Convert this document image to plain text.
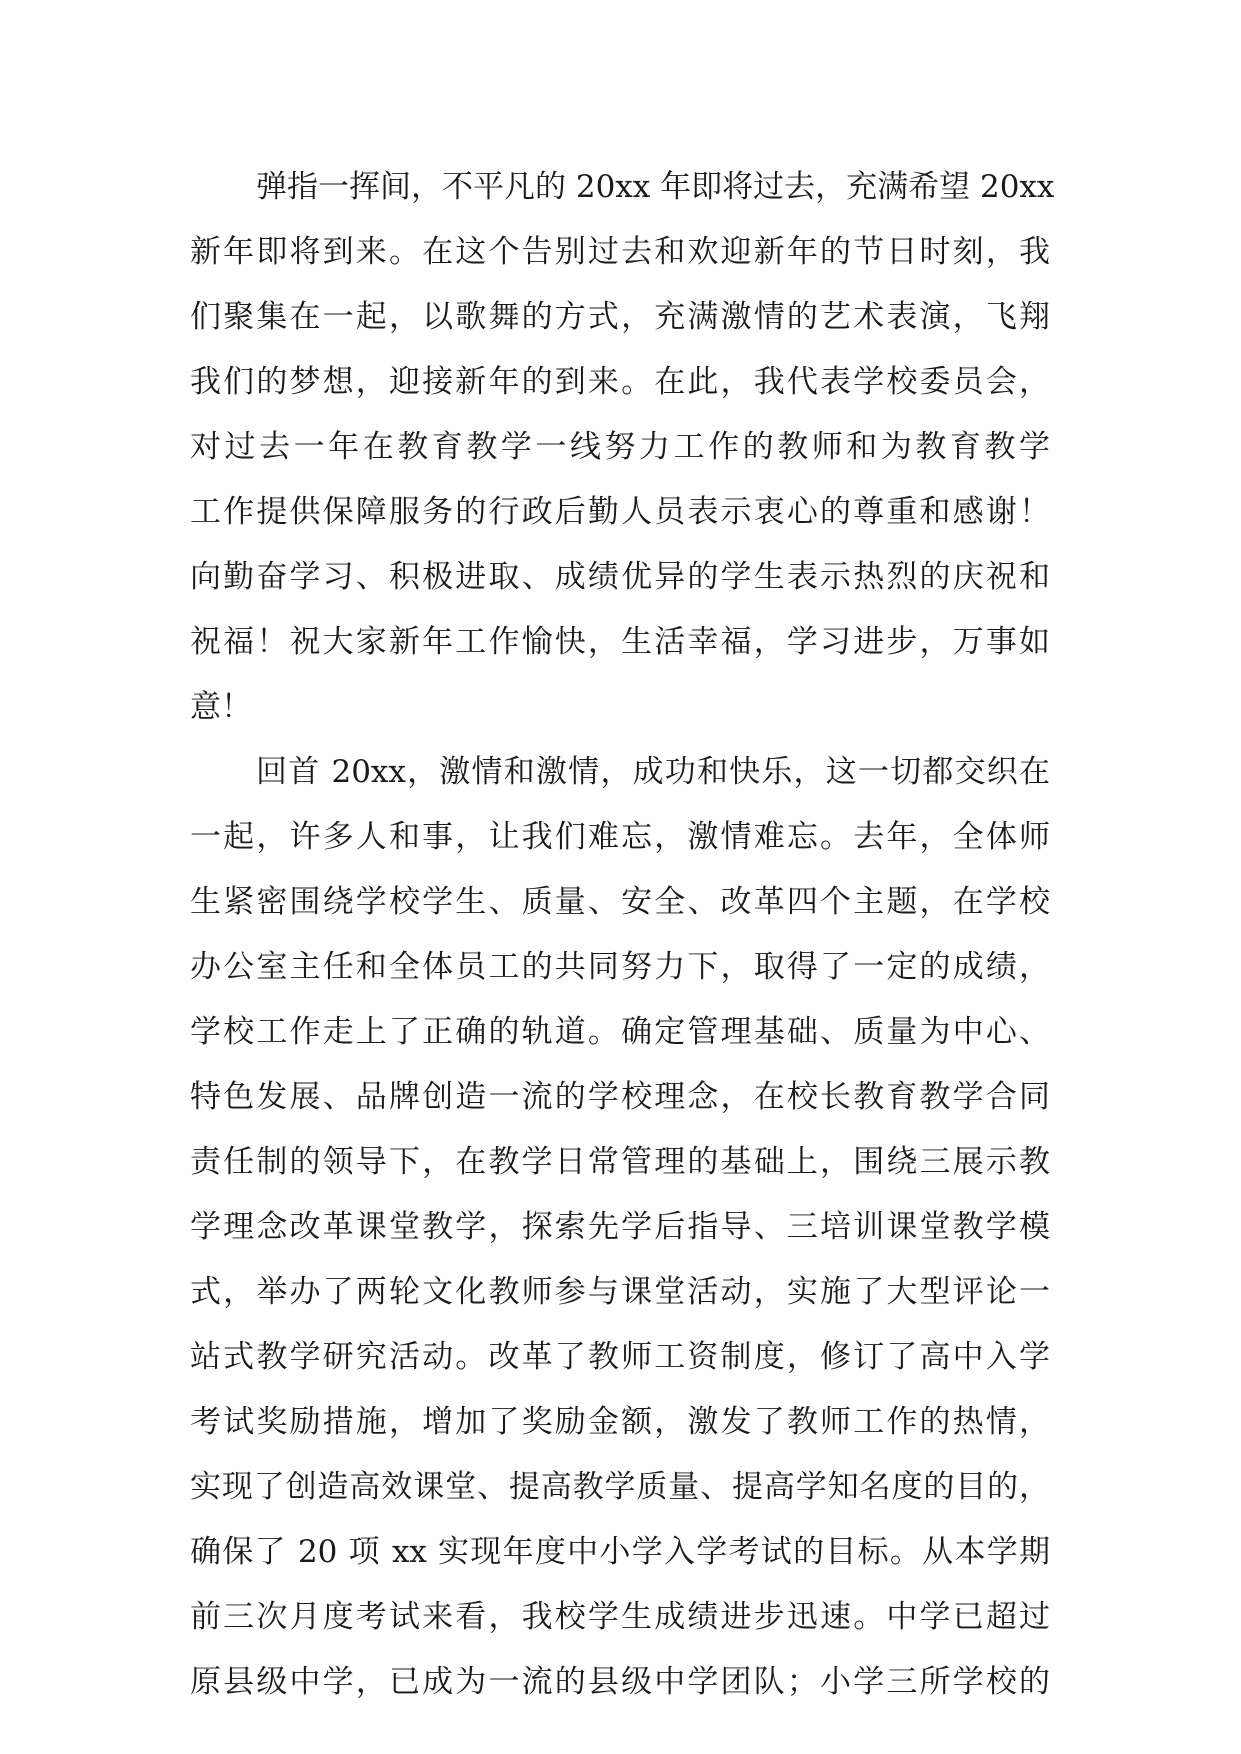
弹指一挥间，不平凡的 20xx 年即将过去，充满希望 20xx
新年即将到来。在这个告别过去和欢迎新年的节日时刻，我
们聚集在一起，以歌舞的方式，充满激情的艺术表演，飞翔
我们的梦想，迎接新年的到来。在此，我代表学校委员会，
对过去一年在教育教学一线努力工作的教师和为教育教学
工作提供保障服务的行政后勤人员表示衷心的尊重和感谢！
向勤奋学习、积极进取、成绩优异的学生表示热烈的庆祝和
祝福！祝大家新年工作愉快，生活幸福，学习进步，万事如
意！
回首 20xx，激情和激情，成功和快乐，这一切都交织在
一起，许多人和事，让我们难忘，激情难忘。去年，全体师
生紧密围绕学校学生、质量、安全、改革四个主题，在学校
办公室主任和全体员工的共同努力下，取得了一定的成绩，
学校工作走上了正确的轨道。确定管理基础、质量为中心、
特色发展、品牌创造一流的学校理念，在校长教育教学合同
责任制的领导下，在教学日常管理的基础上，围绕三展示教
学理念改革课堂教学，探索先学后指导、三培训课堂教学模
式，举办了两轮文化教师参与课堂活动，实施了大型评论一
站式教学研究活动。改革了教师工资制度，修订了高中入学
考试奖励措施，增加了奖励金额，激发了教师工作的热情，
实现了创造高效课堂、提高教学质量、提高学知名度的目的，
确保了 20 项 xx 实现年度中小学入学考试的目标。从本学期
前三次月度考试来看，我校学生成绩进步迅速。中学已超过
原县级中学，已成为一流的县级中学团队；小学三所学校的
